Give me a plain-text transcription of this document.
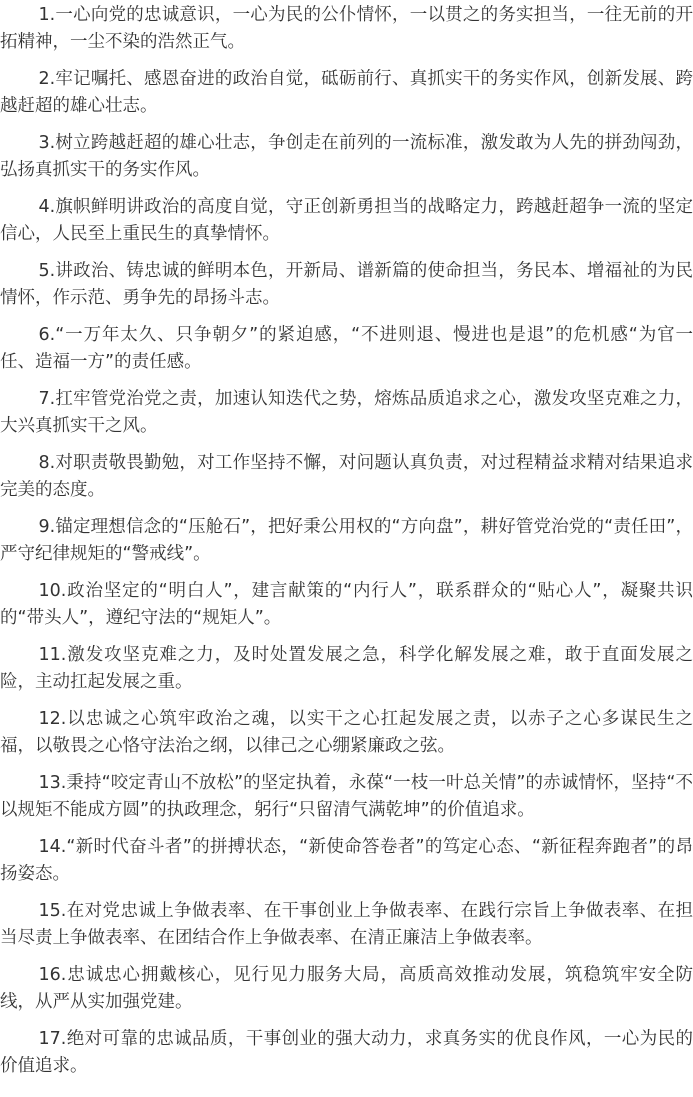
1.一心向党的忠诚意识，一心为民的公仆情怀，一以贯之的务实担当，一往无前的开拓精神，一尘不染的浩然正气。

2.牢记嘱托、感恩奋进的政治自觉，砥砺前行、真抓实干的务实作风，创新发展、跨越赶超的雄心壮志。

3.树立跨越赶超的雄心壮志，争创走在前列的一流标准，激发敢为人先的拼劲闯劲，弘扬真抓实干的务实作风。

4.旗帜鲜明讲政治的高度自觉，守正创新勇担当的战略定力，跨越赶超争一流的坚定信心，人民至上重民生的真挚情怀。

5.讲政治、铸忠诚的鲜明本色，开新局、谱新篇的使命担当，务民本、增福祉的为民情怀，作示范、勇争先的昂扬斗志。

6.“一万年太久、只争朝夕”的紧迫感，“不进则退、慢进也是退”的危机感“为官一任、造福一方”的责任感。

7.扛牢管党治党之责，加速认知迭代之势，熔炼品质追求之心，激发攻坚克难之力，大兴真抓实干之风。

8.对职责敬畏勤勉，对工作坚持不懈，对问题认真负责，对过程精益求精对结果追求完美的态度。

9.锚定理想信念的“压舱石”，把好秉公用权的“方向盘”，耕好管党治党的“责任田”，严守纪律规矩的“警戒线”。

10.政治坚定的“明白人”，建言献策的“内行人”，联系群众的“贴心人”，凝聚共识的“带头人”，遵纪守法的“规矩人”。

11.激发攻坚克难之力，及时处置发展之急，科学化解发展之难，敢于直面发展之险，主动扛起发展之重。

12.以忠诚之心筑牢政治之魂，以实干之心扛起发展之责，以赤子之心多谋民生之福，以敬畏之心恪守法治之纲，以律己之心绷紧廉政之弦。

13.秉持“咬定青山不放松”的坚定执着，永葆“一枝一叶总关情”的赤诚情怀，坚持“不以规矩不能成方圆”的执政理念，躬行“只留清气满乾坤”的价值追求。

14.“新时代奋斗者”的拼搏状态，“新使命答卷者”的笃定心态、“新征程奔跑者”的昂扬姿态。

15.在对党忠诚上争做表率、在干事创业上争做表率、在践行宗旨上争做表率、在担当尽责上争做表率、在团结合作上争做表率、在清正廉洁上争做表率。

16.忠诚忠心拥戴核心，见行见力服务大局，高质高效推动发展，筑稳筑牢安全防线，从严从实加强党建。

17.绝对可靠的忠诚品质，干事创业的强大动力，求真务实的优良作风，一心为民的价值追求。
